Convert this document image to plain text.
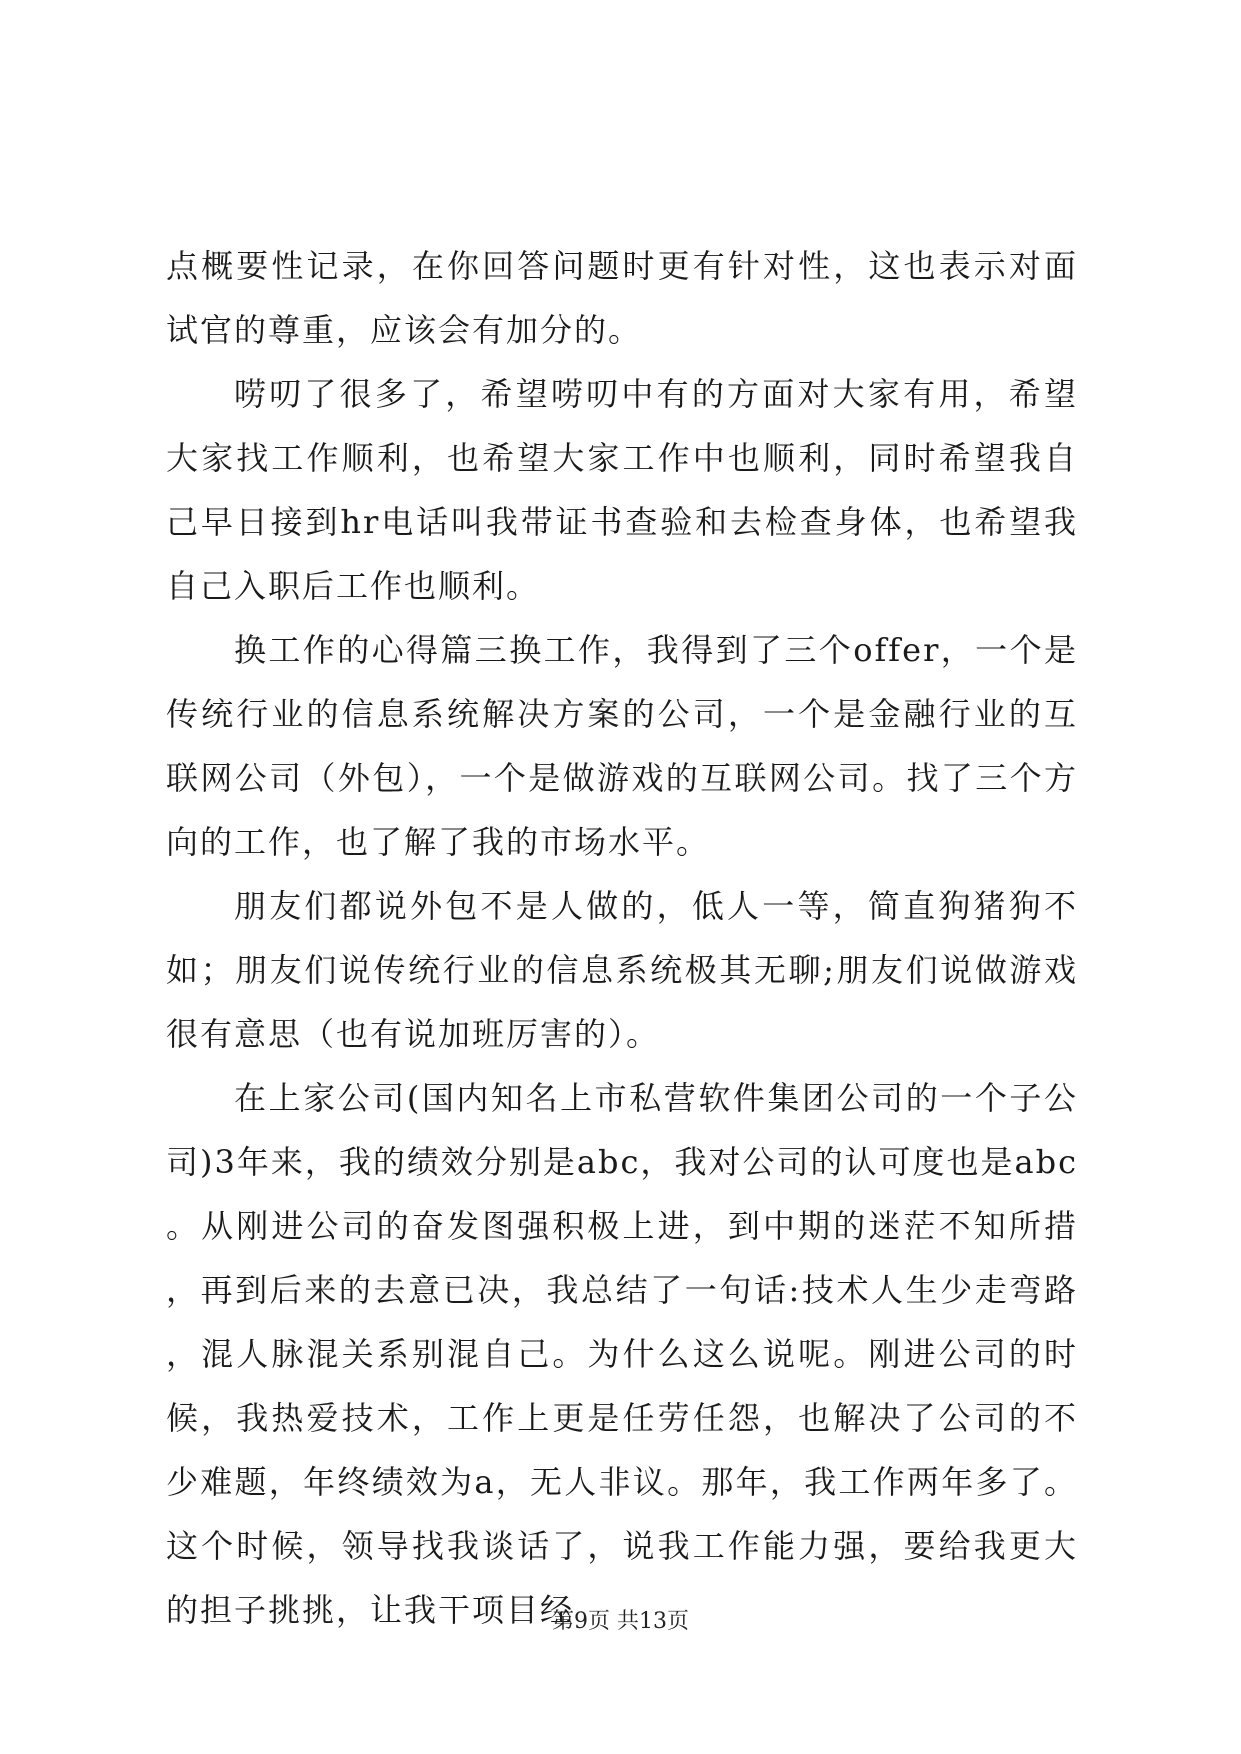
点概要性记录，在你回答问题时更有针对性，这也表示对面试官的尊重，应该会有加分的。

唠叨了很多了，希望唠叨中有的方面对大家有用，希望大家找工作顺利，也希望大家工作中也顺利，同时希望我自己早日接到hr电话叫我带证书查验和去检查身体，也希望我自己入职后工作也顺利。

换工作的心得篇三换工作，我得到了三个offer，一个是传统行业的信息系统解决方案的公司，一个是金融行业的互联网公司（外包），一个是做游戏的互联网公司。找了三个方向的工作，也了解了我的市场水平。

朋友们都说外包不是人做的，低人一等，简直狗猪狗不如；朋友们说传统行业的信息系统极其无聊;朋友们说做游戏很有意思（也有说加班厉害的）。

在上家公司(国内知名上市私营软件集团公司的一个子公司)3年来，我的绩效分别是abc，我对公司的认可度也是abc。从刚进公司的奋发图强积极上进，到中期的迷茫不知所措，再到后来的去意已决，我总结了一句话:技术人生少走弯路，混人脉混关系别混自己。为什么这么说呢。刚进公司的时候，我热爱技术，工作上更是任劳任怨，也解决了公司的不少难题，年终绩效为a，无人非议。那年，我工作两年多了。这个时候，领导找我谈话了，说我工作能力强，要给我更大的担子挑挑，让我干项目经

第9页 共13页
